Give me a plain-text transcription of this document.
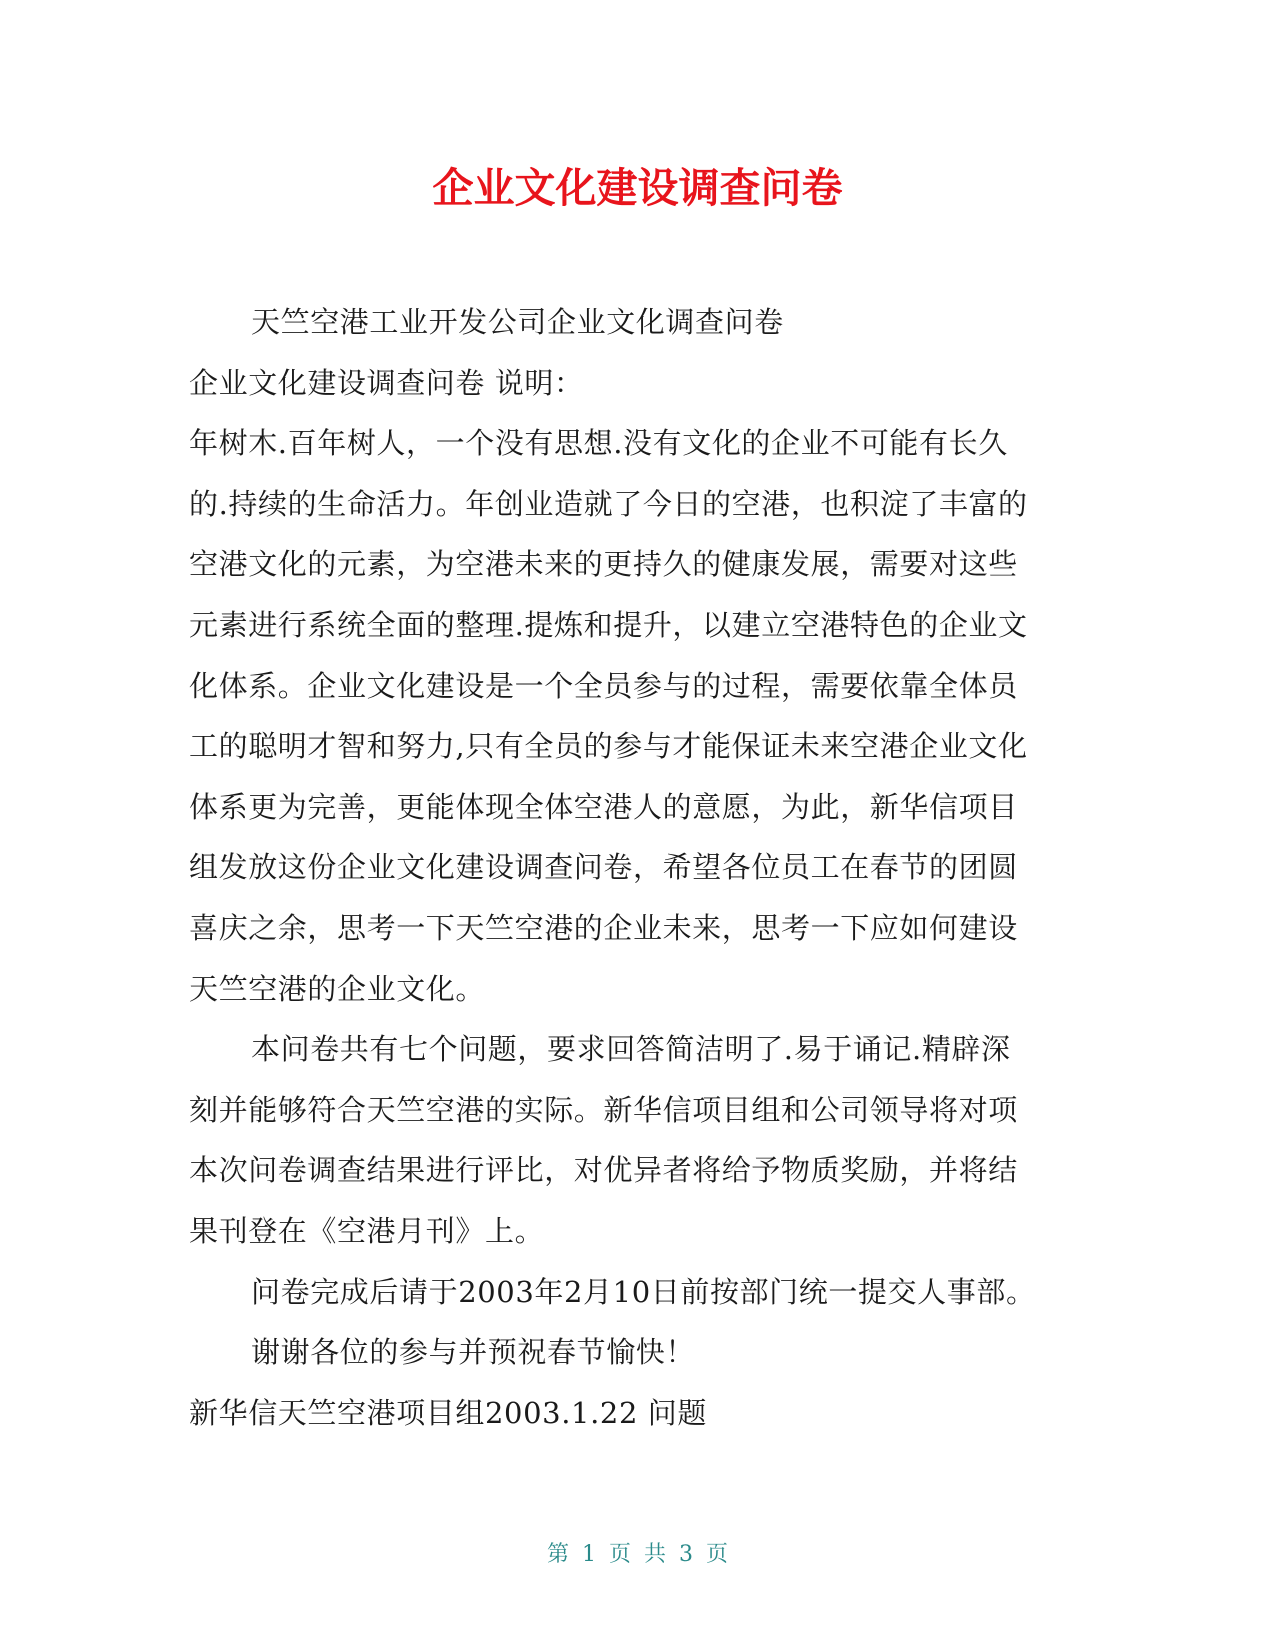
企业文化建设调查问卷
天竺空港工业开发公司企业文化调查问卷
企业文化建设调查问卷 说明：
年树木.百年树人，一个没有思想.没有文化的企业不可能有长久
的.持续的生命活力。年创业造就了今日的空港，也积淀了丰富的
空港文化的元素，为空港未来的更持久的健康发展，需要对这些
元素进行系统全面的整理.提炼和提升，以建立空港特色的企业文
化体系。企业文化建设是一个全员参与的过程，需要依靠全体员
工的聪明才智和努力,只有全员的参与才能保证未来空港企业文化
体系更为完善，更能体现全体空港人的意愿，为此，新华信项目
组发放这份企业文化建设调查问卷，希望各位员工在春节的团圆
喜庆之余，思考一下天竺空港的企业未来，思考一下应如何建设
天竺空港的企业文化。
本问卷共有七个问题，要求回答简洁明了.易于诵记.精辟深
刻并能够符合天竺空港的实际。新华信项目组和公司领导将对项
本次问卷调查结果进行评比，对优异者将给予物质奖励，并将结
果刊登在《空港月刊》上。
问卷完成后请于2003年2月10日前按部门统一提交人事部。
谢谢各位的参与并预祝春节愉快！
新华信天竺空港项目组2003.1.22 问题
第 1 页 共 3 页
